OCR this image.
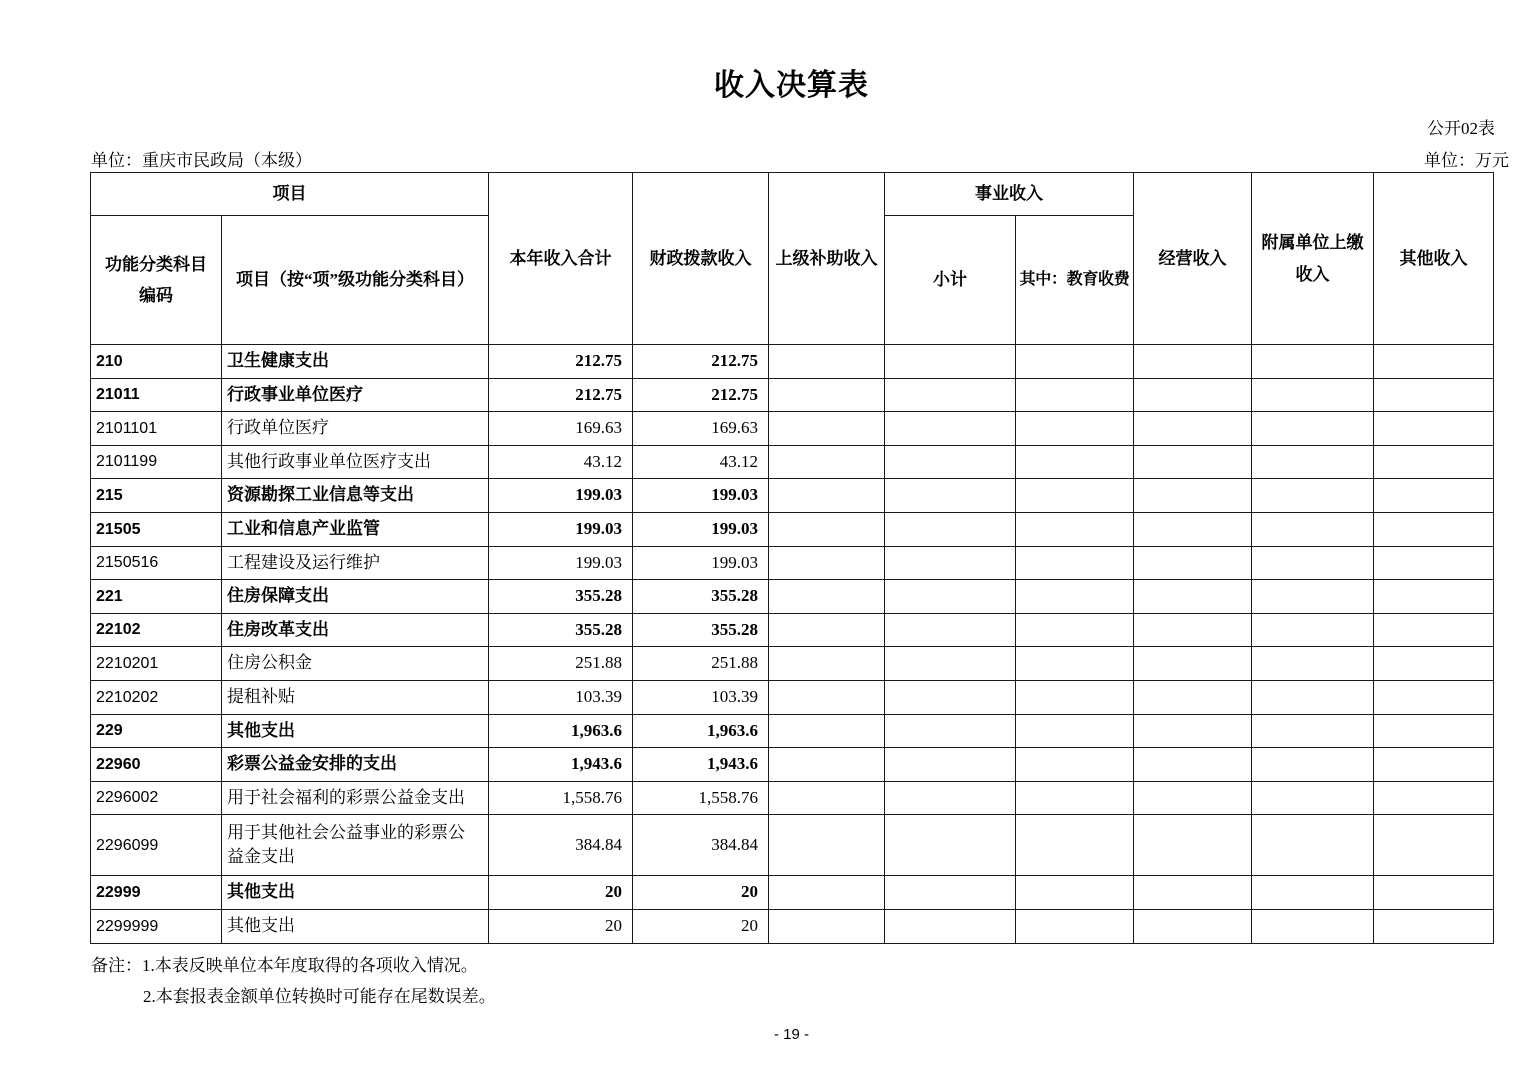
收入决算表
公开02表
单位：重庆市民政局（本级）	单位：万元
项目		本年收入合计	财政拨款收入	上级补助收入	事业收入		经营收入	附属单位上缴收入	其他收入
功能分类科目编码	项目（按“项”级功能分类科目）				小计	其中：教育收费			
210	卫生健康支出	212.75	212.75						
21011	行政事业单位医疗	212.75	212.75						
2101101	行政单位医疗	169.63	169.63						
2101199	其他行政事业单位医疗支出	43.12	43.12						
215	资源勘探工业信息等支出	199.03	199.03						
21505	工业和信息产业监管	199.03	199.03						
2150516	工程建设及运行维护	199.03	199.03						
221	住房保障支出	355.28	355.28						
22102	住房改革支出	355.28	355.28						
2210201	住房公积金	251.88	251.88						
2210202	提租补贴	103.39	103.39						
229	其他支出	1,963.6	1,963.6						
22960	彩票公益金安排的支出	1,943.6	1,943.6						
2296002	用于社会福利的彩票公益金支出	1,558.76	1,558.76						
2296099	用于其他社会公益事业的彩票公益金支出	384.84	384.84						
22999	其他支出	20	20						
2299999	其他支出	20	20						
备注：1.本表反映单位本年度取得的各项收入情况。
2.本套报表金额单位转换时可能存在尾数误差。
- 19 -
